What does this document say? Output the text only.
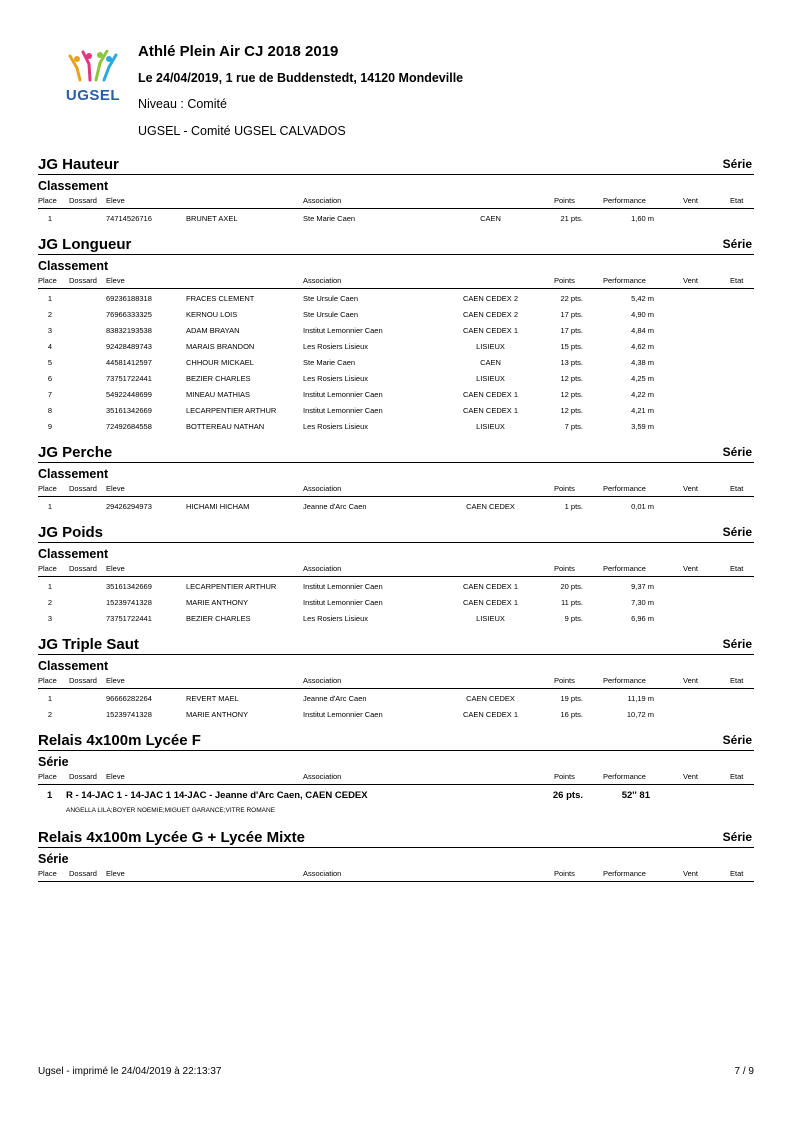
UGSEL
Athlé Plein Air CJ 2018 2019
Le 24/04/2019, 1 rue de Buddenstedt, 14120 Mondeville
Niveau : Comité
UGSEL - Comité UGSEL CALVADOS
JG Hauteur	Série
Classement
Place Dossard Eleve	Association	Points	Performance	Vent	Etat
1	74714526716	BRUNET AXEL	Ste Marie Caen	CAEN	21 pts.	1,60 m
JG Longueur	Série
Classement
Place Dossard Eleve	Association	Points	Performance	Vent	Etat
1	69236188318	FRACES CLEMENT	Ste Ursule Caen	CAEN CEDEX 2	22 pts.	5,42 m
2	76966333325	KERNOU LOIS	Ste Ursule Caen	CAEN CEDEX 2	17 pts.	4,90 m
3	83832193538	ADAM BRAYAN	Institut Lemonnier Caen	CAEN CEDEX 1	17 pts.	4,84 m
4	92428489743	MARAIS BRANDON	Les Rosiers Lisieux	LISIEUX	15 pts.	4,62 m
5	44581412597	CHHOUR MICKAEL	Ste Marie Caen	CAEN	13 pts.	4,38 m
6	73751722441	BEZIER CHARLES	Les Rosiers Lisieux	LISIEUX	12 pts.	4,25 m
7	54922448699	MINEAU MATHIAS	Institut Lemonnier Caen	CAEN CEDEX 1	12 pts.	4,22 m
8	35161342669	LECARPENTIER ARTHUR	Institut Lemonnier Caen	CAEN CEDEX 1	12 pts.	4,21 m
9	72492684558	BOTTEREAU NATHAN	Les Rosiers Lisieux	LISIEUX	7 pts.	3,59 m
JG Perche	Série
Classement
Place Dossard Eleve	Association	Points	Performance	Vent	Etat
1	29426294973	HICHAMI HICHAM	Jeanne d'Arc Caen	CAEN CEDEX	1 pts.	0,01 m
JG Poids	Série
Classement
Place Dossard Eleve	Association	Points	Performance	Vent	Etat
1	35161342669	LECARPENTIER ARTHUR	Institut Lemonnier Caen	CAEN CEDEX 1	20 pts.	9,37 m
2	15239741328	MARIE ANTHONY	Institut Lemonnier Caen	CAEN CEDEX 1	11 pts.	7,30 m
3	73751722441	BEZIER CHARLES	Les Rosiers Lisieux	LISIEUX	9 pts.	6,96 m
JG Triple Saut	Série
Classement
Place Dossard Eleve	Association	Points	Performance	Vent	Etat
1	96666282264	REVERT MAEL	Jeanne d'Arc Caen	CAEN CEDEX	19 pts.	11,19 m
2	15239741328	MARIE ANTHONY	Institut Lemonnier Caen	CAEN CEDEX 1	16 pts.	10,72 m
Relais 4x100m Lycée F	Série
Série
Place Dossard Eleve	Association	Points	Performance	Vent	Etat
1 R - 14-JAC 1 - 14-JAC 1 14-JAC - Jeanne d'Arc Caen, CAEN CEDEX	26 pts.	52'' 81
ANGELLA LILA;BOYER NOEMIE;MIGUET GARANCE;VITRE ROMANE
Relais 4x100m Lycée G + Lycée Mixte	Série
Série
Place Dossard Eleve	Association	Points	Performance	Vent	Etat
Ugsel - imprimé le 24/04/2019 à 22:13:37	7 / 9
